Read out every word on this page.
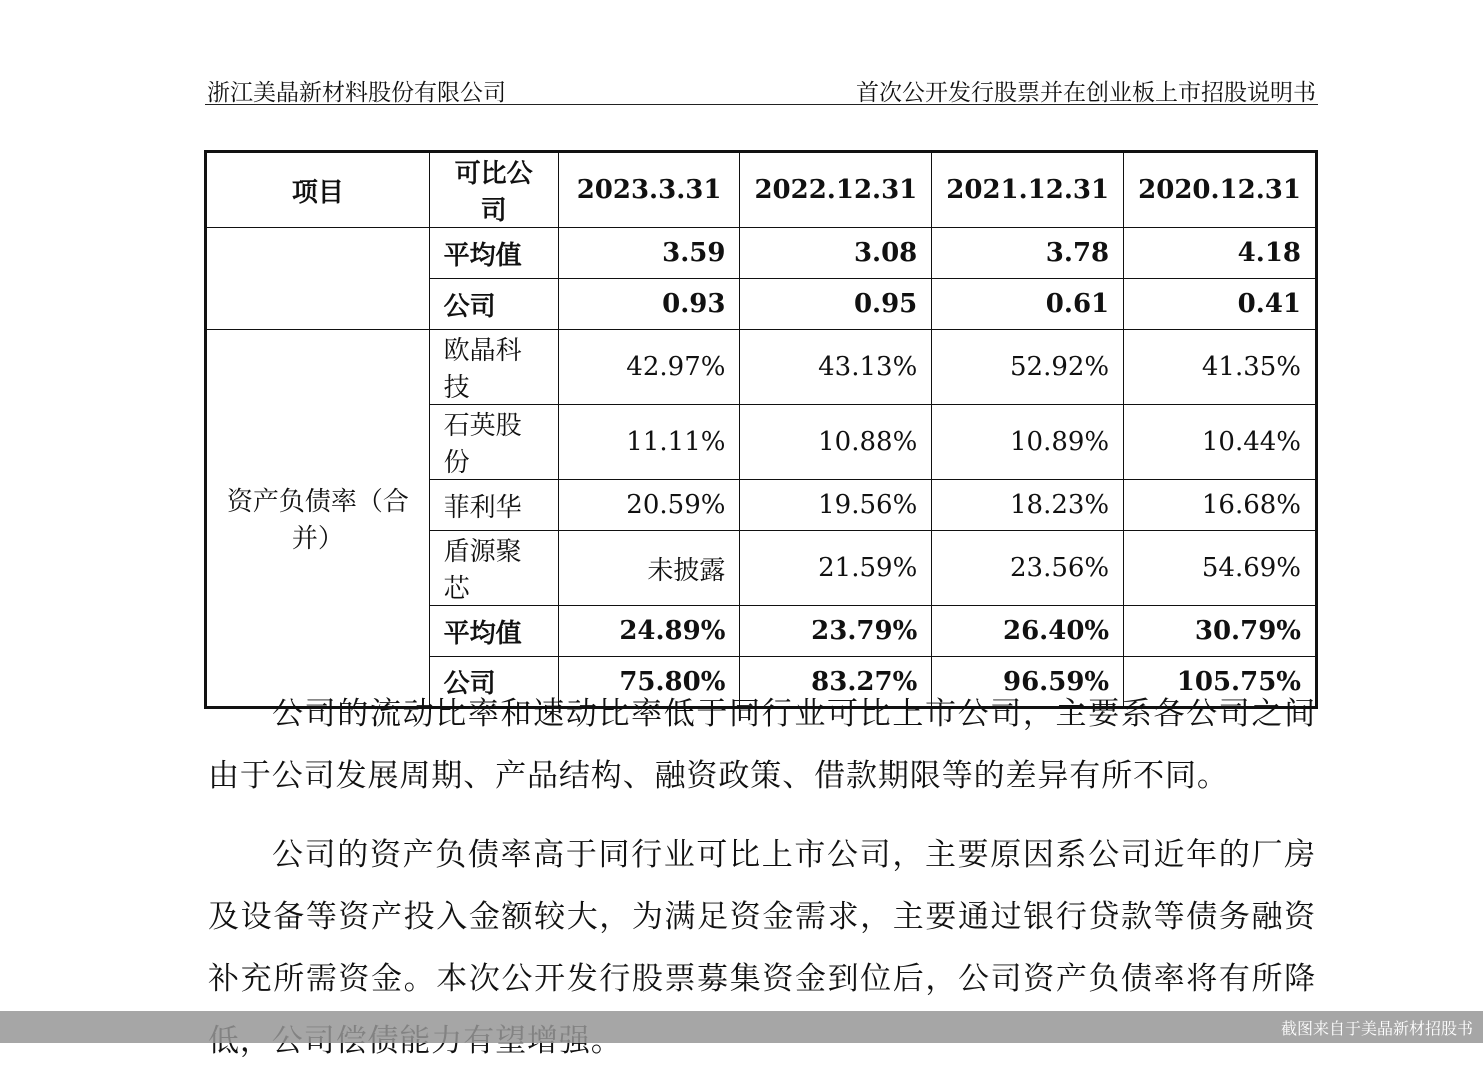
浙江美晶新材料股份有限公司	首次公开发行股票并在创业板上市招股说明书
项目	可比公司	2023.3.31	2022.12.31	2021.12.31	2020.12.31
	平均值	3.59	3.08	3.78	4.18
	公司	0.93	0.95	0.61	0.41
资产负债率（合并）	欧晶科技	42.97%	43.13%	52.92%	41.35%
	石英股份	11.11%	10.88%	10.89%	10.44%
	菲利华	20.59%	19.56%	18.23%	16.68%
	盾源聚芯	未披露	21.59%	23.56%	54.69%
	平均值	24.89%	23.79%	26.40%	30.79%
	公司	75.80%	83.27%	96.59%	105.75%

公司的流动比率和速动比率低于同行业可比上市公司，主要系各公司之间由于公司发展周期、产品结构、融资政策、借款期限等的差异有所不同。

公司的资产负债率高于同行业可比上市公司，主要原因系公司近年的厂房及设备等资产投入金额较大，为满足资金需求，主要通过银行贷款等债务融资补充所需资金。本次公开发行股票募集资金到位后，公司资产负债率将有所降

截图来自于美晶新材招股书
